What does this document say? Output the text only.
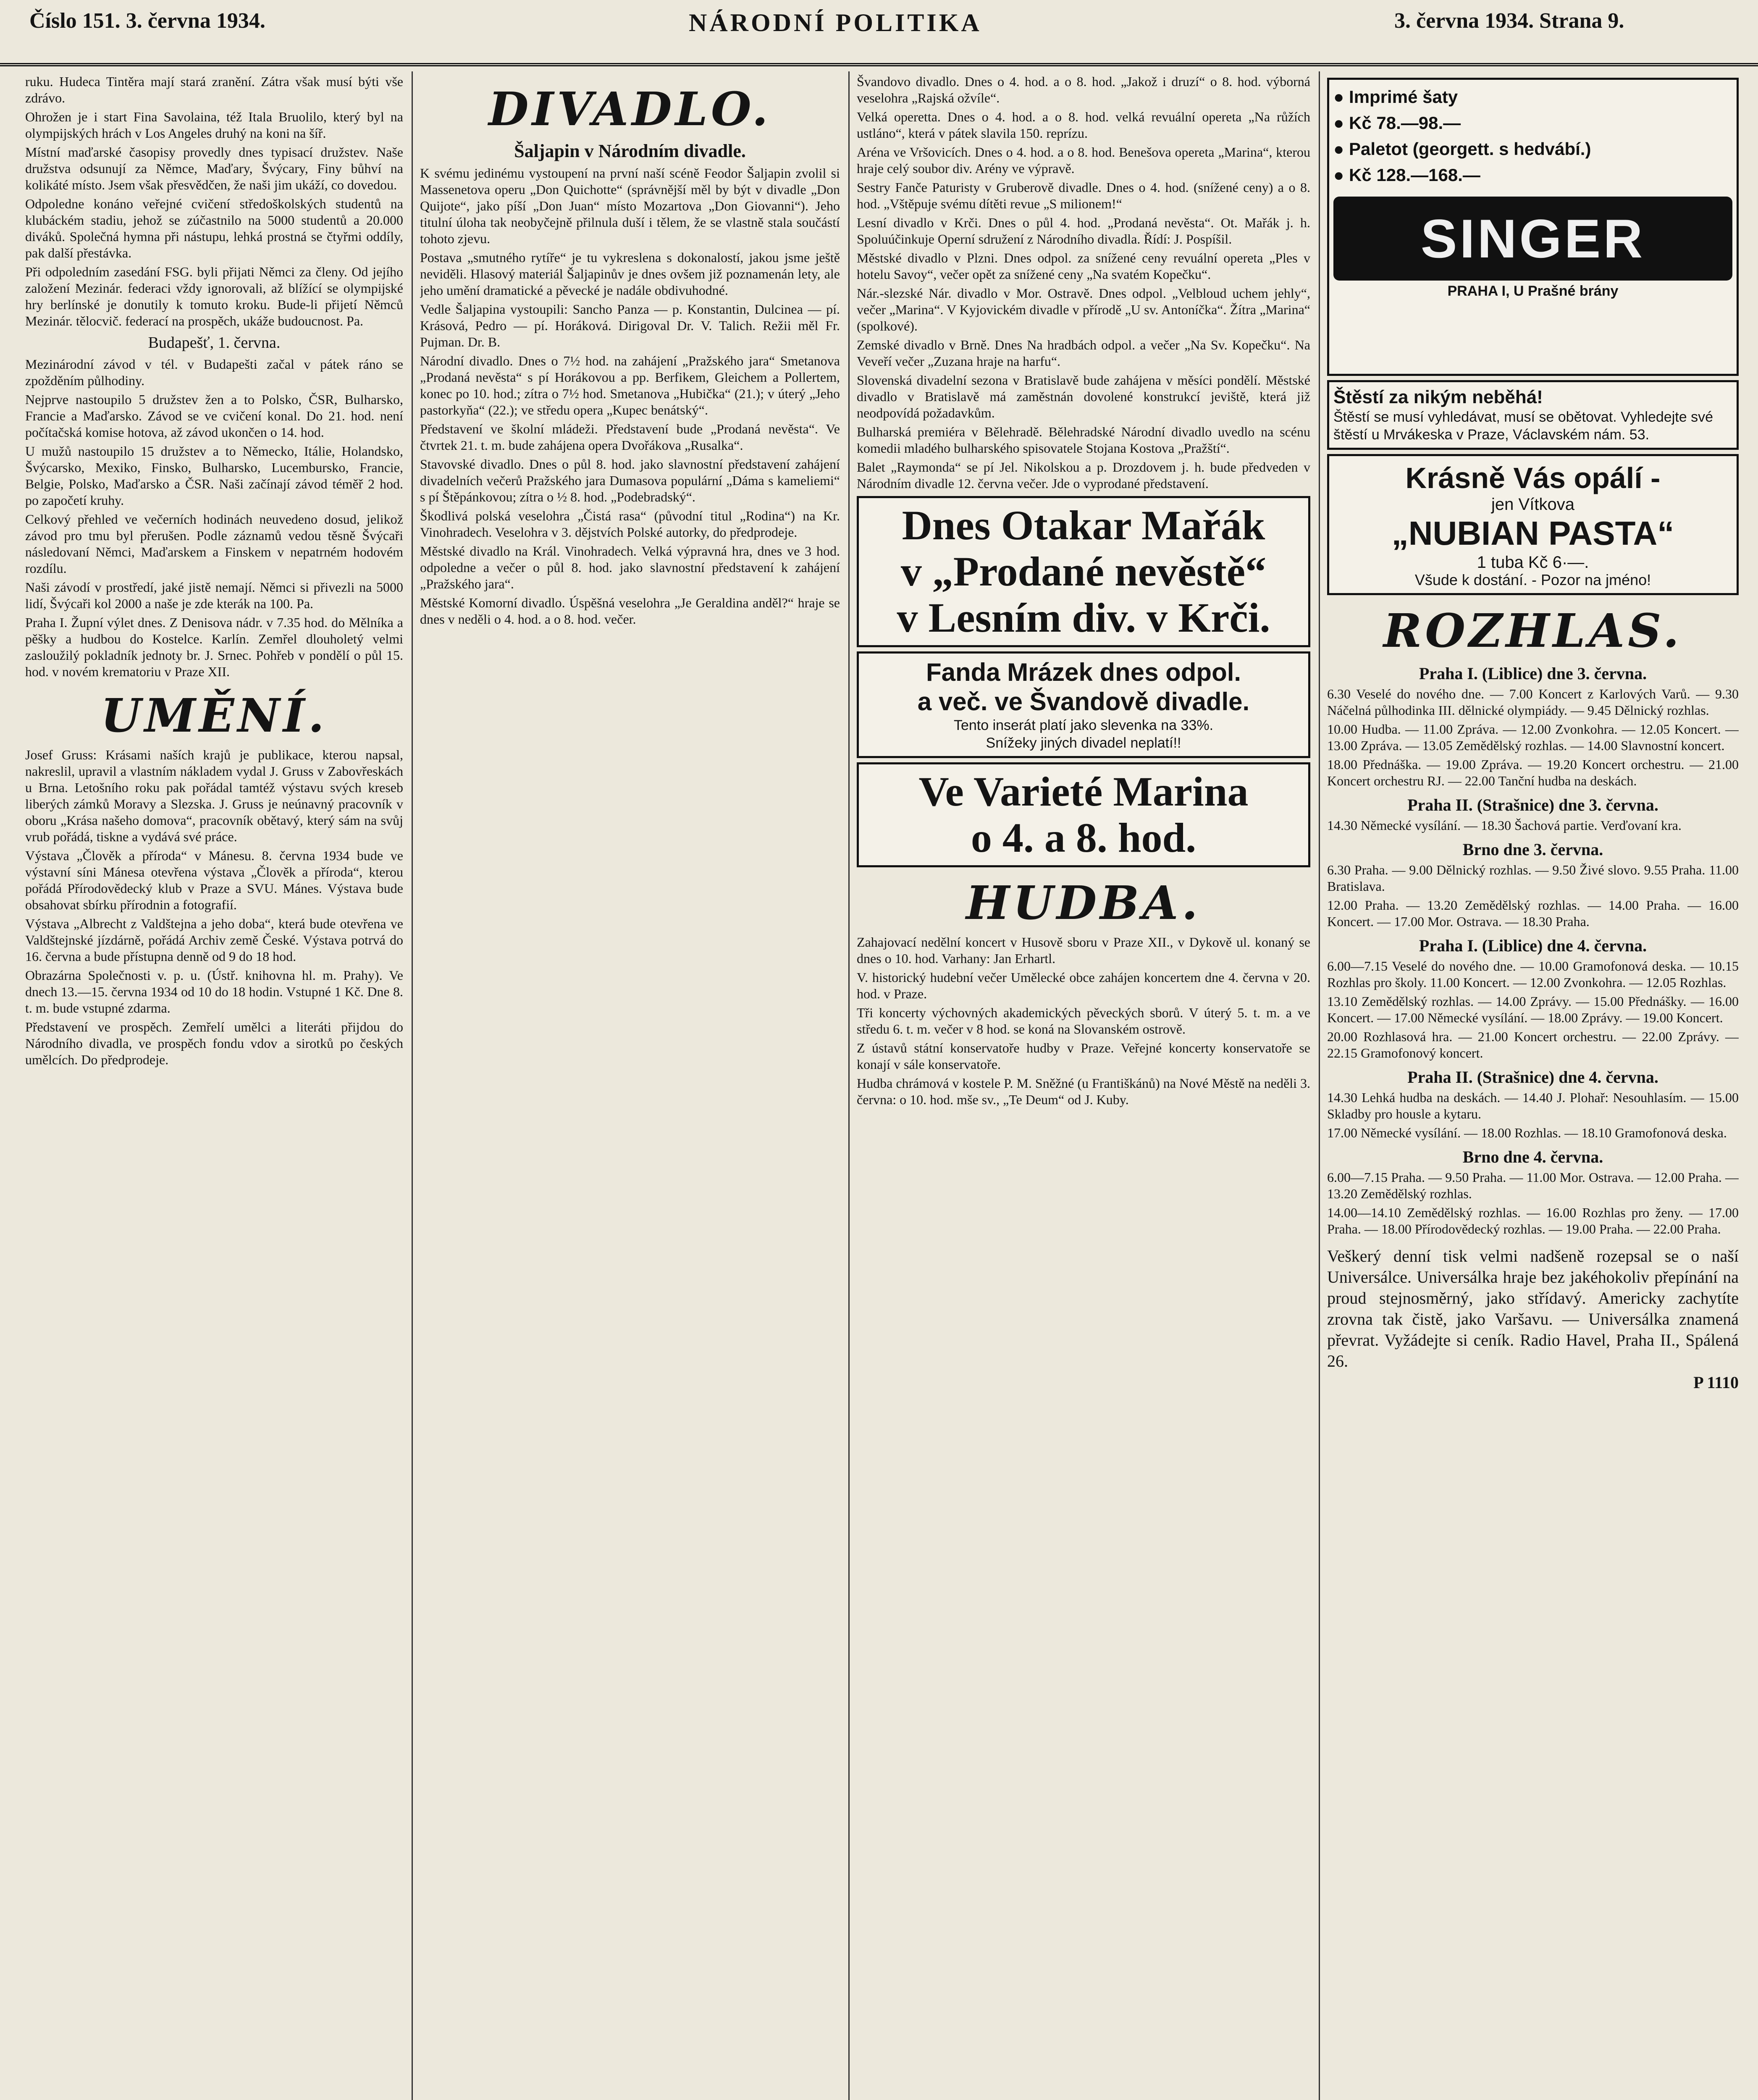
Číslo 151. 3. června 1934.	NÁRODNÍ POLITIKA	3. června 1934. Strana 9.

ruku. Hudeca Tintěra mají stará zranění. Zátra však musí býti vše zdrávo.

Ohrožen je i start Fina Savolaina, též Itala Bruolilo, který byl na olympijských hrách v Los Angeles druhý na koni na šíř.

Místní maďarské časopisy provedly dnes typisací družstev. Naše družstva odsunují za Němce, Maďary, Švýcary, Finy bůhví na kolikáté místo. Jsem však přesvědčen, že naši jim ukáží, co dovedou.

Odpoledne konáno veřejné cvičení středoškolských studentů na klubáckém stadiu, jehož se zúčastnilo na 5000 studentů a 20.000 diváků. Společná hymna při nástupu, lehká prostná se čtyřmi oddíly, pak další přestávka.

Při odpoledním zasedání FSG. byli přijati Němci za členy. Od jejího založení Mezinár. federaci vždy ignorovali, až blížící se olympijské hry berlínské je donutily k tomuto kroku. Bude-li přijetí Němců Mezinár. tělocvič. federací na prospěch, ukáže budoucnost. Pa.

Budapešť, 1. června.

Mezinárodní závod v tél. v Budapešti začal v pátek ráno se zpožděním půlhodiny.

Nejprve nastoupilo 5 družstev žen a to Polsko, ČSR, Bulharsko, Francie a Maďarsko. Závod se ve cvičení konal. Do 21. hod. není počítačská komise hotova, až závod ukončen o 14. hod.

U mužů nastoupilo 15 družstev a to Německo, Itálie, Holandsko, Švýcarsko, Mexiko, Finsko, Bulharsko, Lucembursko, Francie, Belgie, Polsko, Maďarsko a ČSR. Naši začínají závod téměř 2 hod. po započetí kruhy.

Celkový přehled ve večerních hodinách neuvedeno dosud, jelikož závod pro tmu byl přerušen. Podle záznamů vedou těsně Švýcaři následovaní Němci, Maďarskem a Finskem v nepatrném hodovém rozdílu.

Naši závodí v prostředí, jaké jistě nemají. Němci si přivezli na 5000 lidí, Švýcaři kol 2000 a naše je zde kterák na 100. Pa.

Praha I. Župní výlet dnes. Z Denisova nádr. v 7.35 hod. do Mělníka a pěšky a hudbou do Kostelce. Karlín. Zemřel dlouholetý velmi zasloužilý pokladník jednoty br. J. Srnec. Pohřeb v pondělí o půl 15. hod. v novém krematoriu v Praze XII.

UMĚNÍ.

Josef Gruss: Krásami naších krajů je publikace, kterou napsal, nakreslil, upravil a vlastním nákladem vydal J. Gruss v Zabovřeskách u Brna. Letošního roku pak pořádal tamtéž výstavu svých kreseb liberých zámků Moravy a Slezska. J. Gruss je neúnavný pracovník v oboru „Krása našeho domova“, pracovník obětavý, který sám na svůj vrub pořádá, tiskne a vydává své práce.

Výstava „Člověk a příroda“ v Mánesu. 8. června 1934 bude ve výstavní síni Mánesa otevřena výstava „Člověk a příroda“, kterou pořádá Přírodovědecký klub v Praze a SVU. Mánes. Výstava bude obsahovat sbírku přírodnin a fotografií.

Výstava „Albrecht z Valdštejna a jeho doba“, která bude otevřena ve Valdštejnské jízdárně, pořádá Archiv země České. Výstava potrvá do 16. června a bude přístupna denně od 9 do 18 hod.

Obrazárna Společnosti v. p. u. (Ústř. knihovna hl. m. Prahy). Ve dnech 13.—15. června 1934 od 10 do 18 hodin. Vstupné 1 Kč. Dne 8. t. m. bude vstupné zdarma.

Představení ve prospěch. Zemřelí umělci a literáti přijdou do Národního divadla, ve prospěch fondu vdov a sirotků po českých umělcích. Do předprodeje.

DIVADLO.
Šaljapin v Národním divadle.

K svému jedinému vystoupení na první naší scéně Feodor Šaljapin zvolil si Massenetova operu „Don Quichotte“ (správnější měl by být v divadle „Don Quijote“, jako píší „Don Juan“ místo Mozartova „Don Giovanni“). Jeho titulní úloha tak neobyčejně přilnula duší i tělem, že se vlastně stala součástí tohoto zjevu.

Postava „smutného rytíře“ je tu vykreslena s dokonalostí, jakou jsme ještě neviděli. Hlasový materiál Šaljapinův je dnes ovšem již poznamenán lety, ale jeho umění dramatické a pěvecké je nadále obdivuhodné.

Vedle Šaljapina vystoupili: Sancho Panza — p. Konstantin, Dulcinea — pí. Krásová, Pedro — pí. Horáková. Dirigoval Dr. V. Talich. Režii měl Fr. Pujman. Dr. B.

Národní divadlo. Dnes o 7½ hod. na zahájení „Pražského jara“ Smetanova „Prodaná nevěsta“ s pí Horákovou a pp. Berfikem, Gleichem a Pollertem, konec po 10. hod.; zítra o 7½ hod. Smetanova „Hubička“ (21.); v úterý „Jeho pastorkyňa“ (22.); ve středu opera „Kupec benátský“.

Představení ve školní mládeži. Představení bude „Prodaná nevěsta“. Ve čtvrtek 21. t. m. bude zahájena opera Dvořákova „Rusalka“.

Stavovské divadlo. Dnes o půl 8. hod. jako slavnostní představení zahájení divadelních večerů Pražského jara Dumasova populární „Dáma s kameliemi“ s pí Štěpánkovou; zítra o ½ 8. hod. „Podebradský“.

Škodlivá polská veselohra „Čistá rasa“ (původní titul „Rodina“) na Kr. Vinohradech. Veselohra v 3. dějstvích Polské autorky, do předprodeje.

Městské divadlo na Král. Vinohradech. Velká výpravná hra, dnes ve 3 hod. odpoledne a večer o půl 8. hod. jako slavnostní představení k zahájení „Pražského jara“.

Městské Komorní divadlo. Úspěšná veselohra „Je Geraldina anděl?“ hraje se dnes v neděli o 4. hod. a o 8. hod. večer.

Švandovo divadlo. Dnes o 4. hod. a o 8. hod. „Jakož i druzí“ o 8. hod. výborná veselohra „Rajská ožvíle“.

Velká operetta. Dnes o 4. hod. a o 8. hod. velká revuální opereta „Na růžích ustláno“, která v pátek slavila 150. reprízu.

Aréna ve Vršovicích. Dnes o 4. hod. a o 8. hod. Benešova opereta „Marina“, kterou hraje celý soubor div. Arény ve výpravě.

Sestry Fanče Paturisty v Gruberově divadle. Dnes o 4. hod. (snížené ceny) a o 8. hod. „Vštěpuje svému dítěti revue „S milionem!“

Lesní divadlo v Krči. Dnes o půl 4. hod. „Prodaná nevěsta“. Ot. Mařák j. h. Spoluúčinkuje Operní sdružení z Národního divadla. Řídí: J. Pospíšil.

Městské divadlo v Plzni. Dnes odpol. za snížené ceny revuální opereta „Ples v hotelu Savoy“, večer opět za snížené ceny „Na svatém Kopečku“.

Nár.-slezské Nár. divadlo v Mor. Ostravě. Dnes odpol. „Velbloud uchem jehly“, večer „Marina“. V Kyjovickém divadle v přírodě „U sv. Antoníčka“. Žítra „Marina“ (spolkové).

Zemské divadlo v Brně. Dnes Na hradbách odpol. a večer „Na Sv. Kopečku“. Na Veveří večer „Zuzana hraje na harfu“.

Slovenská divadelní sezona v Bratislavě bude zahájena v měsíci pondělí. Městské divadlo v Bratislavě má zaměstnán dovolené konstrukcí jeviště, která již neodpovídá požadavkům.

Bulharská premiéra v Bělehradě. Bělehradské Národní divadlo uvedlo na scénu komedii mladého bulharského spisovatele Stojana Kostova „Pražští“.

Balet „Raymonda“ se pí Jel. Nikolskou a p. Drozdovem j. h. bude předveden v Národním divadle 12. června večer. Jde o vyprodané představení.

Dnes Otakar Mařák
v „Prodané nevěstě“
v Lesním div. v Krči.
Fanda Mrázek dnes odpol.
a več. ve Švandově divadle.
Tento inserát platí jako slevenka na 33%.
Snížeky jiných divadel neplatí!!
Ve Varieté Marina
o 4. a 8. hod.
HUDBA.

Zahajovací nedělní koncert v Husově sboru v Praze XII., v Dykově ul. konaný se dnes o 10. hod. Varhany: Jan Erhartl.

V. historický hudební večer Umělecké obce zahájen koncertem dne 4. června v 20. hod. v Praze.

Tři koncerty výchovných akademických pěveckých sborů. V úterý 5. t. m. a ve středu 6. t. m. večer v 8 hod. se koná na Slovanském ostrově.

Z ústavů státní konservatoře hudby v Praze. Veřejné koncerty konservatoře se konají v sále konservatoře.

Hudba chrámová v kostele P. M. Sněžné (u Františkánů) na Nové Městě na neděli 3. června: o 10. hod. mše sv., „Te Deum“ od J. Kuby.

● Imprimé šaty
● Kč 78.—98.—
● Paletot (georgett. s hedvábí.)
● Kč 128.—168.—
SINGER
PRAHA I, U Prašné brány
Štěstí za nikým neběhá!
Štěstí se musí vyhledávat, musí se obětovat. Vyhledejte své štěstí u Mrvákeska v Praze, Václavském nám. 53.
Krásně Vás opálí -
jen Vítkova
„NUBIAN PASTA“
1 tuba Kč 6·—.
Všude k dostání. - Pozor na jméno!
ROZHLAS.
Praha I. (Liblice) dne 3. června.

6.30 Veselé do nového dne. — 7.00 Koncert z Karlových Varů. — 9.30 Náčelná půlhodinka III. dělnické olympiády. — 9.45 Dělnický rozhlas.

10.00 Hudba. — 11.00 Zpráva. — 12.00 Zvonkohra. — 12.05 Koncert. — 13.00 Zpráva. — 13.05 Zemědělský rozhlas. — 14.00 Slavnostní koncert.

18.00 Přednáška. — 19.00 Zpráva. — 19.20 Koncert orchestru. — 21.00 Koncert orchestru RJ. — 22.00 Tanční hudba na deskách.

Praha II. (Strašnice) dne 3. června.

14.30 Německé vysílání. — 18.30 Šachová partie. Verďovaní kra.

Brno dne 3. června.

6.30 Praha. — 9.00 Dělnický rozhlas. — 9.50 Živé slovo. 9.55 Praha. 11.00 Bratislava.

12.00 Praha. — 13.20 Zemědělský rozhlas. — 14.00 Praha. — 16.00 Koncert. — 17.00 Mor. Ostrava. — 18.30 Praha.

Praha I. (Liblice) dne 4. června.

6.00—7.15 Veselé do nového dne. — 10.00 Gramofonová deska. — 10.15 Rozhlas pro školy. 11.00 Koncert. — 12.00 Zvonkohra. — 12.05 Rozhlas.

13.10 Zemědělský rozhlas. — 14.00 Zprávy. — 15.00 Přednášky. — 16.00 Koncert. — 17.00 Německé vysílání. — 18.00 Zprávy. — 19.00 Koncert.

20.00 Rozhlasová hra. — 21.00 Koncert orchestru. — 22.00 Zprávy. — 22.15 Gramofonový koncert.

Praha II. (Strašnice) dne 4. června.

14.30 Lehká hudba na deskách. — 14.40 J. Plohař: Nesouhlasím. — 15.00 Skladby pro housle a kytaru.

17.00 Německé vysílání. — 18.00 Rozhlas. — 18.10 Gramofonová deska.

Brno dne 4. června.

6.00—7.15 Praha. — 9.50 Praha. — 11.00 Mor. Ostrava. — 12.00 Praha. — 13.20 Zemědělský rozhlas.

14.00—14.10 Zemědělský rozhlas. — 16.00 Rozhlas pro ženy. — 17.00 Praha. — 18.00 Přírodovědecký rozhlas. — 19.00 Praha. — 22.00 Praha.

Veškerý denní tisk velmi nadšeně rozepsal se o naší Universálce. Universálka hraje bez jakéhokoliv přepínání na proud stejnosměrný, jako střídavý. Americky zachytíte zrovna tak čistě, jako Varšavu. — Universálka znamená převrat. Vyžádejte si ceník. Radio Havel, Praha II., Spálená 26.

P 1110
